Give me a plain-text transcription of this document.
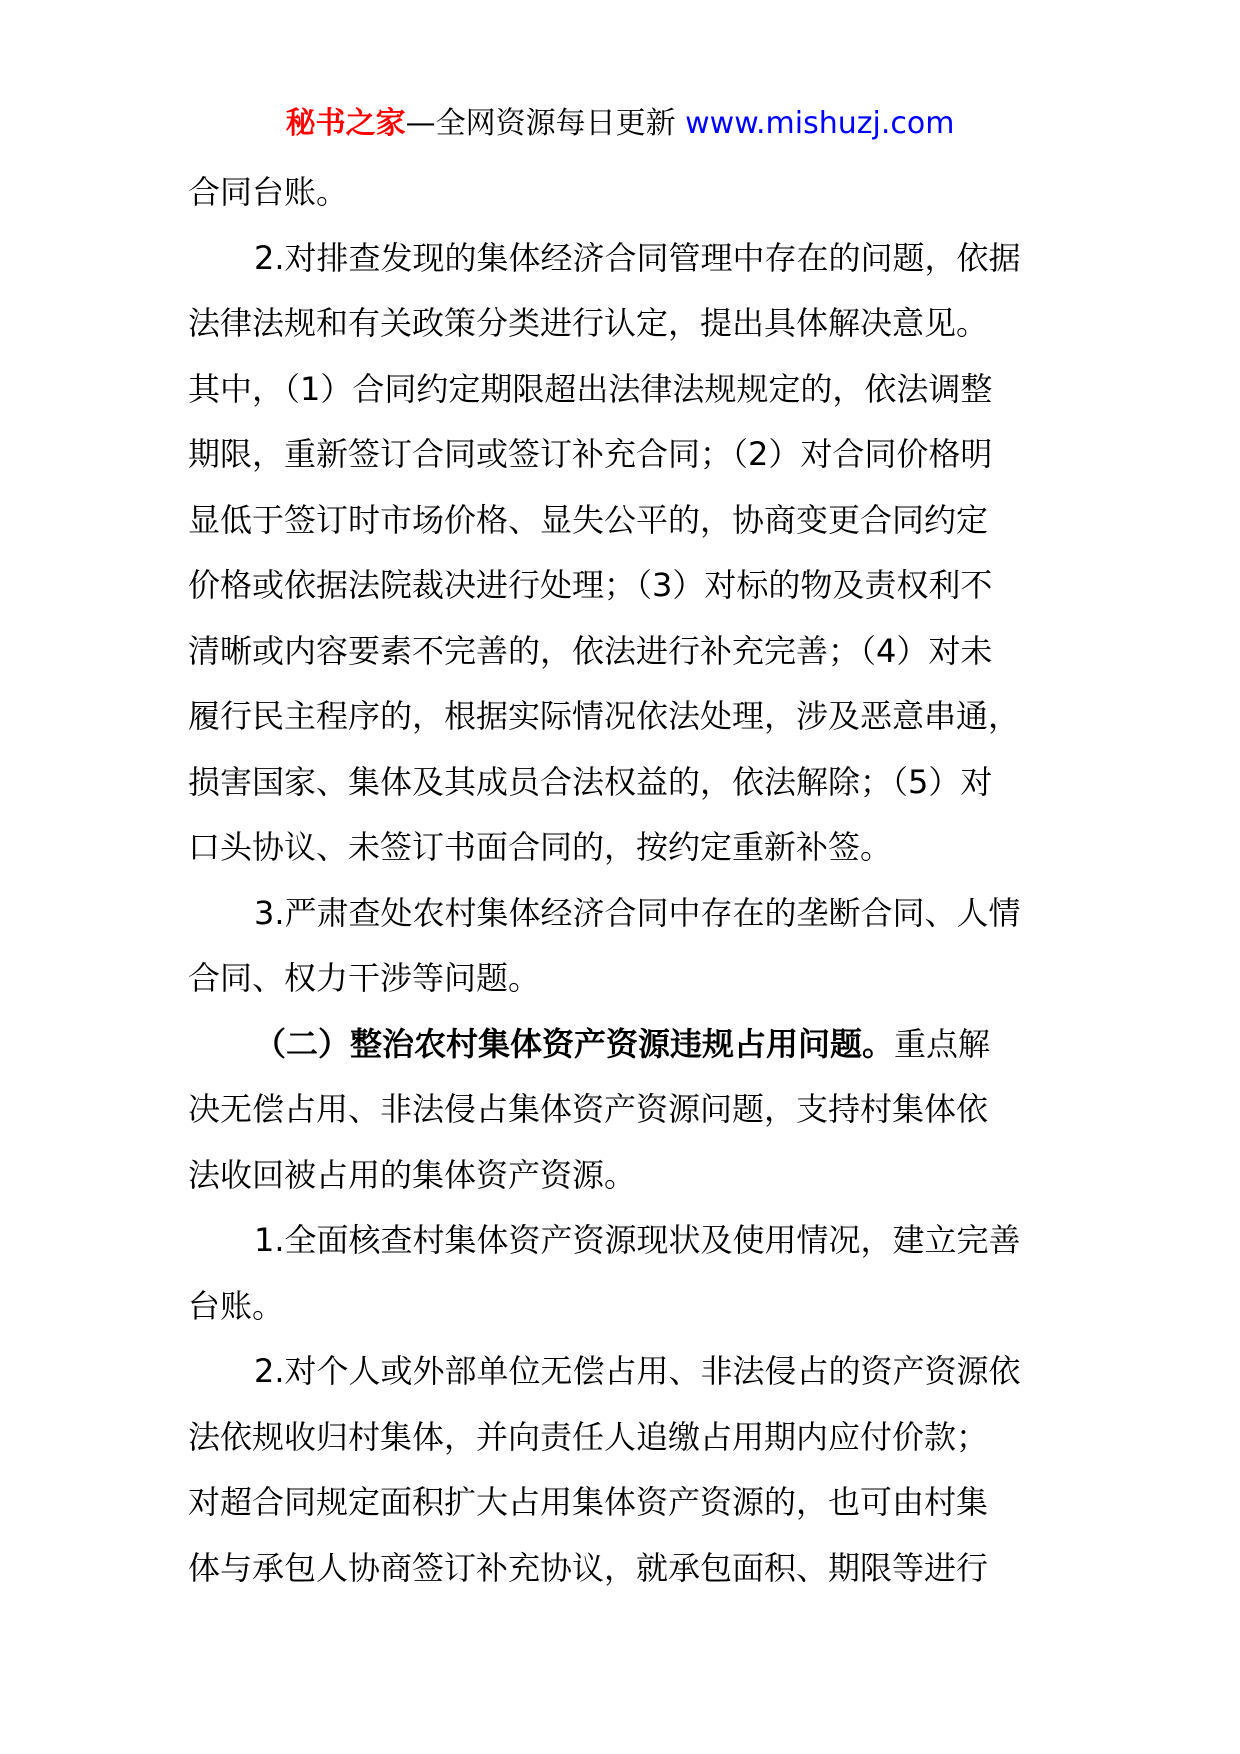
秘书之家—全网资源每日更新 www.mishuzj.com
合同台账。
2.对排查发现的集体经济合同管理中存在的问题，依据
法律法规和有关政策分类进行认定，提出具体解决意见。
其中，（1）合同约定期限超出法律法规规定的，依法调整
期限，重新签订合同或签订补充合同；（2）对合同价格明
显低于签订时市场价格、显失公平的，协商变更合同约定
价格或依据法院裁决进行处理；（3）对标的物及责权利不
清晰或内容要素不完善的，依法进行补充完善；（4）对未
履行民主程序的，根据实际情况依法处理，涉及恶意串通，
损害国家、集体及其成员合法权益的，依法解除；（5）对
口头协议、未签订书面合同的，按约定重新补签。
3.严肃查处农村集体经济合同中存在的垄断合同、人情
合同、权力干涉等问题。
（二）整治农村集体资产资源违规占用问题。重点解
决无偿占用、非法侵占集体资产资源问题，支持村集体依
法收回被占用的集体资产资源。
1.全面核查村集体资产资源现状及使用情况，建立完善
台账。
2.对个人或外部单位无偿占用、非法侵占的资产资源依
法依规收归村集体，并向责任人追缴占用期内应付价款；
对超合同规定面积扩大占用集体资产资源的，也可由村集
体与承包人协商签订补充协议，就承包面积、期限等进行
